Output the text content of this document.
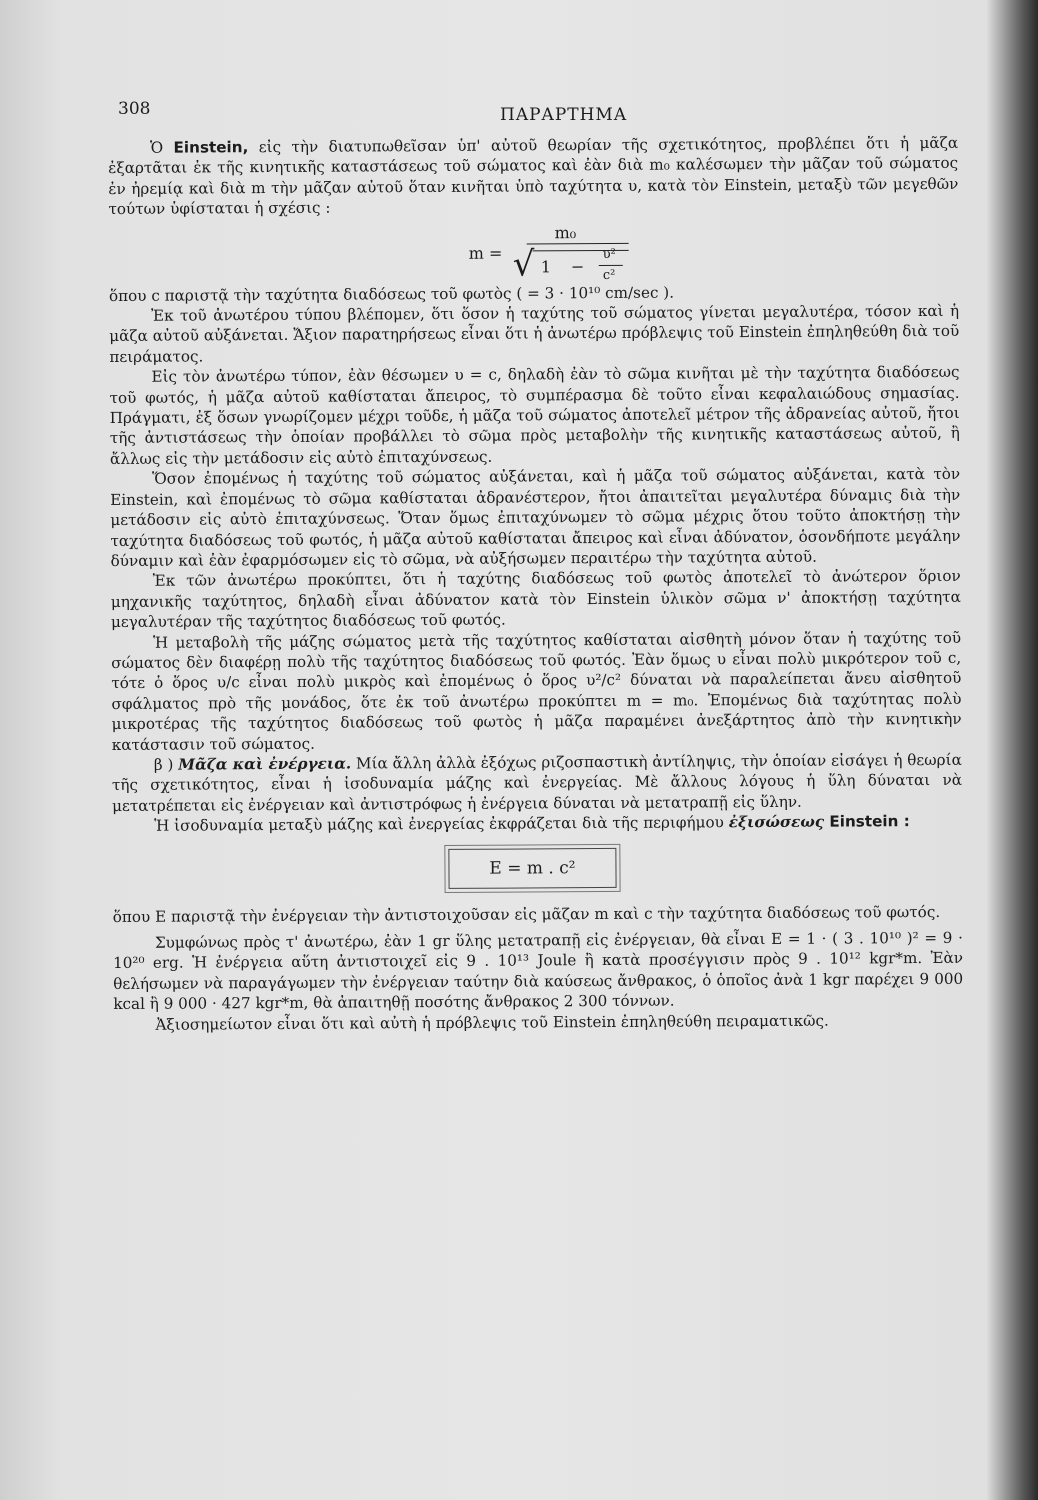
308	ΠΑΡΑΡΤΗΜΑ

Ὁ Einstein, εἰς τὴν διατυπωθεῖσαν ὑπ' αὐτοῦ θεωρίαν τῆς σχετικότητος, προβλέπει ὅτι ἡ μᾶζα ἐξαρτᾶται ἐκ τῆς κινητικῆς καταστάσεως τοῦ σώματος καὶ ἐὰν διὰ m₀ καλέσωμεν τὴν μᾶζαν τοῦ σώματος ἐν ἠρεμίᾳ καὶ διὰ m τὴν μᾶζαν αὐτοῦ ὅταν κινῆται ὑπὸ ταχύτητα υ, κατὰ τὸν Einstein, μεταξὺ τῶν μεγεθῶν τούτων ὑφίσταται ἡ σχέσις :

m =
m₀
√ 1 −
υ²
c²

ὅπου c παριστᾷ τὴν ταχύτητα διαδόσεως τοῦ φωτὸς ( = 3 · 10¹⁰ cm/sec ).

Ἐκ τοῦ ἀνωτέρου τύπου βλέπομεν, ὅτι ὅσον ἡ ταχύτης τοῦ σώματος γίνεται μεγαλυτέρα, τόσον καὶ ἡ μᾶζα αὐτοῦ αὐξάνεται. Ἄξιον παρατηρήσεως εἶναι ὅτι ἡ ἀνωτέρω πρόβλεψις τοῦ Einstein ἐπηληθεύθη διὰ τοῦ πειράματος.

Εἰς τὸν ἀνωτέρω τύπον, ἐὰν θέσωμεν υ = c, δηλαδὴ ἐὰν τὸ σῶμα κινῆται μὲ τὴν ταχύτητα διαδόσεως τοῦ φωτός, ἡ μᾶζα αὐτοῦ καθίσταται ἄπειρος, τὸ συμπέρασμα δὲ τοῦτο εἶναι κεφαλαιώδους σημασίας. Πράγματι, ἐξ ὅσων γνωρίζομεν μέχρι τοῦδε, ἡ μᾶζα τοῦ σώματος ἀποτελεῖ μέτρον τῆς ἀδρανείας αὐτοῦ, ἤτοι τῆς ἀντιστάσεως τὴν ὁποίαν προβάλλει τὸ σῶμα πρὸς μεταβολὴν τῆς κινητικῆς καταστάσεως αὐτοῦ, ἢ ἄλλως εἰς τὴν μετάδοσιν εἰς αὐτὸ ἐπιταχύνσεως.

Ὅσον ἐπομένως ἡ ταχύτης τοῦ σώματος αὐξάνεται, καὶ ἡ μᾶζα τοῦ σώματος αὐξάνεται, κατὰ τὸν Einstein, καὶ ἐπομένως τὸ σῶμα καθίσταται ἀδρανέστερον, ἤτοι ἀπαιτεῖται μεγαλυτέρα δύναμις διὰ τὴν μετάδοσιν εἰς αὐτὸ ἐπιταχύνσεως. Ὅταν ὅμως ἐπιταχύνωμεν τὸ σῶμα μέχρις ὅτου τοῦτο ἀποκτήσῃ τὴν ταχύτητα διαδόσεως τοῦ φωτός, ἡ μᾶζα αὐτοῦ καθίσταται ἄπειρος καὶ εἶναι ἀδύνατον, ὁσονδήποτε μεγάλην δύναμιν καὶ ἐὰν ἐφαρμόσωμεν εἰς τὸ σῶμα, νὰ αὐξήσωμεν περαιτέρω τὴν ταχύτητα αὐτοῦ.

Ἐκ τῶν ἀνωτέρω προκύπτει, ὅτι ἡ ταχύτης διαδόσεως τοῦ φωτὸς ἀποτελεῖ τὸ ἀνώτερον ὅριον μηχανικῆς ταχύτητος, δηλαδὴ εἶναι ἀδύνατον κατὰ τὸν Einstein ὑλικὸν σῶμα ν' ἀποκτήσῃ ταχύτητα μεγαλυτέραν τῆς ταχύτητος διαδόσεως τοῦ φωτός.

Ἡ μεταβολὴ τῆς μάζης σώματος μετὰ τῆς ταχύτητος καθίσταται αἰσθητὴ μόνον ὅταν ἡ ταχύτης τοῦ σώματος δὲν διαφέρῃ πολὺ τῆς ταχύτητος διαδόσεως τοῦ φωτός. Ἐὰν ὅμως υ εἶναι πολὺ μικρότερον τοῦ c, τότε ὁ ὅρος υ/c εἶναι πολὺ μικρὸς καὶ ἐπομένως ὁ ὅρος υ²/c² δύναται νὰ παραλείπεται ἄνευ αἰσθητοῦ σφάλματος πρὸ τῆς μονάδος, ὅτε ἐκ τοῦ ἀνωτέρω προκύπτει m = m₀. Ἐπομένως διὰ ταχύτητας πολὺ μικροτέρας τῆς ταχύτητος διαδόσεως τοῦ φωτὸς ἡ μᾶζα παραμένει ἀνεξάρτητος ἀπὸ τὴν κινητικὴν κατάστασιν τοῦ σώματος.

β ) Μᾶζα καὶ ἐνέργεια. Μία ἄλλη ἀλλὰ ἐξόχως ριζοσπαστικὴ ἀντίληψις, τὴν ὁποίαν εἰσάγει ἡ θεωρία τῆς σχετικότητος, εἶναι ἡ ἰσοδυναμία μάζης καὶ ἐνεργείας. Μὲ ἄλλους λόγους ἡ ὕλη δύναται νὰ μετατρέπεται εἰς ἐνέργειαν καὶ ἀντιστρόφως ἡ ἐνέργεια δύναται νὰ μετατραπῇ εἰς ὕλην.

Ἡ ἰσοδυναμία μεταξὺ μάζης καὶ ἐνεργείας ἐκφράζεται διὰ τῆς περιφήμου ἐξισώσεως Einstein :

E = m . c²

ὅπου E παριστᾷ τὴν ἐνέργειαν τὴν ἀντιστοιχοῦσαν εἰς μᾶζαν m καὶ c τὴν ταχύτητα διαδόσεως τοῦ φωτός.

Συμφώνως πρὸς τ' ἀνωτέρω, ἐὰν 1 gr ὕλης μετατραπῇ εἰς ἐνέργειαν, θὰ εἶναι E = 1 · ( 3 . 10¹⁰ )² = 9 · 10²⁰ erg. Ἡ ἐνέργεια αὕτη ἀντιστοιχεῖ εἰς 9 . 10¹³ Joule ἢ κατὰ προσέγγισιν πρὸς 9 . 10¹² kgr*m. Ἐὰν θελήσωμεν νὰ παραγάγωμεν τὴν ἐνέργειαν ταύτην διὰ καύσεως ἄνθρακος, ὁ ὁποῖος ἀνὰ 1 kgr παρέχει 9 000 kcal ἢ 9 000 · 427 kgr*m, θὰ ἀπαιτηθῇ ποσότης ἄνθρακος 2 300 τόννων.

Ἀξιοσημείωτον εἶναι ὅτι καὶ αὐτὴ ἡ πρόβλεψις τοῦ Einstein ἐπηληθεύθη πειραματικῶς.
